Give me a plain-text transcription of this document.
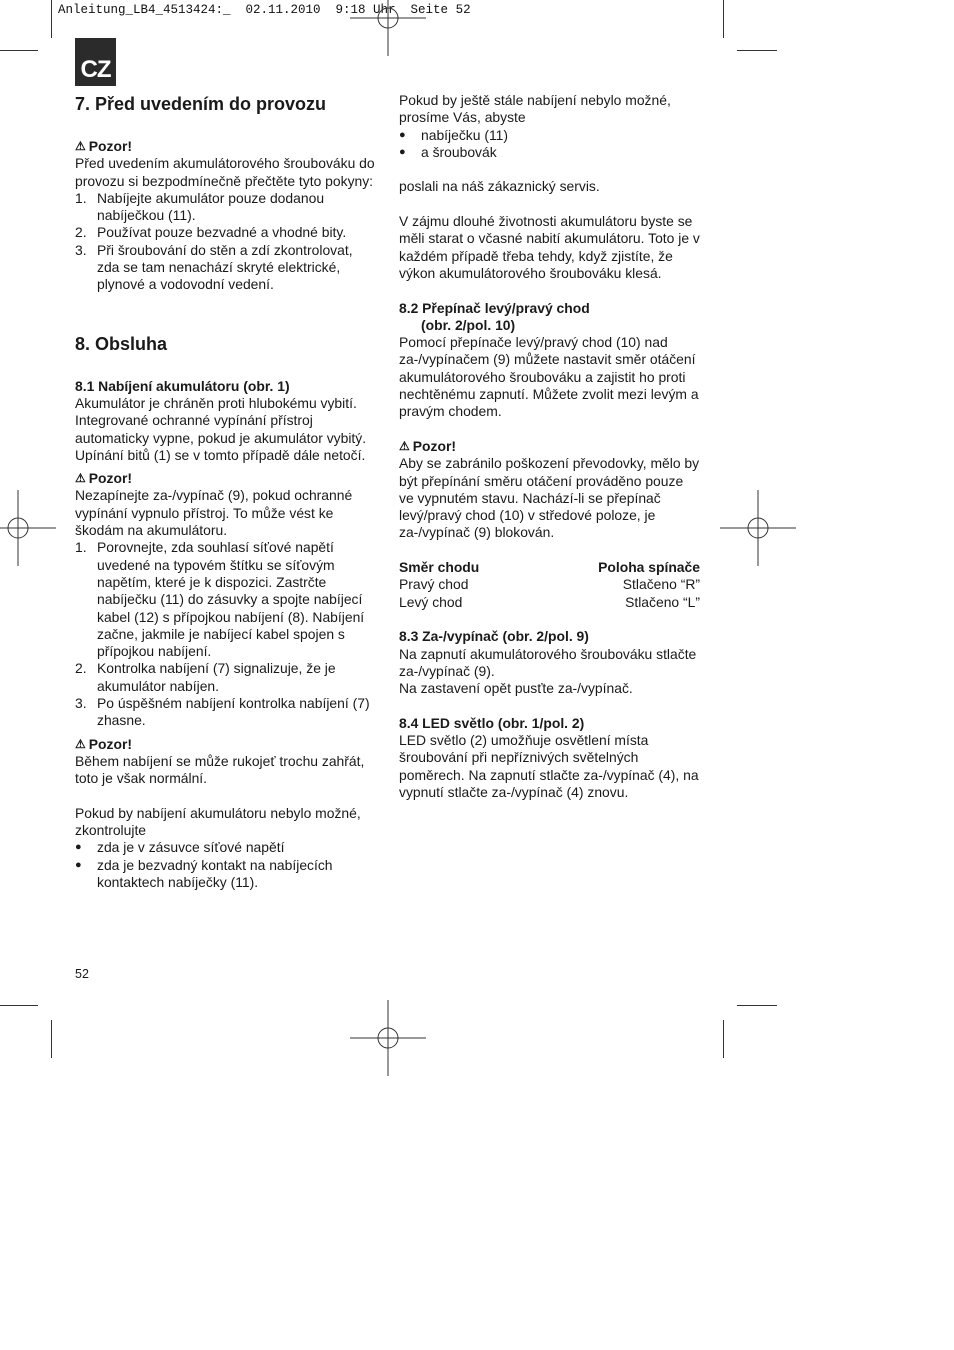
Anleitung_LB4_4513424:_  02.11.2010  9:18 Uhr  Seite 52
CZ
7. Před uvedením do provozu
⚠ Pozor!

Před uvedením akumulátorového šroubováku do provozu si bezpodmínečně přečtěte tyto pokyny:

1. Nabíjejte akumulátor pouze dodanou nabíječkou (11).
2. Používat pouze bezvadné a vhodné bity.
3. Při šroubování do stěn a zdí zkontrolovat, zda se tam nenachází skryté elektrické, plynové a vodovodní vedení.
8. Obsluha
8.1 Nabíjení akumulátoru (obr. 1)

Akumulátor je chráněn proti hlubokému vybití. Integrované ochranné vypínání přístroj automaticky vypne, pokud je akumulátor vybitý. Upínání bitů (1) se v tomto případě dále netočí.

⚠ Pozor!

Nezapínejte za-/vypínač (9), pokud ochranné vypínání vypnulo přístroj. To může vést ke škodám na akumulátoru.

1. Porovnejte, zda souhlasí síťové napětí uvedené na typovém štítku se síťovým napětím, které je k dispozici. Zastrčte nabíječku (11) do zásuvky a spojte nabíjecí kabel (12) s přípojkou nabíjení (8). Nabíjení začne, jakmile je nabíjecí kabel spojen s přípojkou nabíjení.
2. Kontrolka nabíjení (7) signalizuje, že je akumulátor nabíjen.
3. Po úspěšném nabíjení kontrolka nabíjení (7) zhasne.
⚠ Pozor!

Během nabíjení se může rukojeť trochu zahřát, toto je však normální.

Pokud by nabíjení akumulátoru nebylo možné, zkontrolujte

●	zda je v zásuvce síťové napětí
●	zda je bezvadný kontakt na nabíjecích kontaktech nabíječky (11).

Pokud by ještě stále nabíjení nebylo možné, prosíme Vás, abyste

●	nabíječku (11)
●	a šroubovák

poslali na náš zákaznický servis.

V zájmu dlouhé životnosti akumulátoru byste se měli starat o včasné nabití akumulátoru. Toto je v každém případě třeba tehdy, když zjistíte, že výkon akumulátorového šroubováku klesá.

8.2 Přepínač levý/pravý chod
(obr. 2/pol. 10)

Pomocí přepínače levý/pravý chod (10) nad za-/vypínačem (9) můžete nastavit směr otáčení akumulátorového šroubováku a zajistit ho proti nechtěnému zapnutí. Můžete zvolit mezi levým a pravým chodem.

⚠ Pozor!

Aby se zabránilo poškození převodovky, mělo by být přepínání směru otáčení prováděno pouze ve vypnutém stavu. Nachází-li se přepínač levý/pravý chod (10) v středové poloze, je za-/vypínač (9) blokován.

Směr chodu	Poloha spínače
Pravý chod	Stlačeno “R”
Levý chod	Stlačeno “L”
8.3 Za-/vypínač (obr. 2/pol. 9)

Na zapnutí akumulátorového šroubováku stlačte za-/vypínač (9).

Na zastavení opět pusťte za-/vypínač.

8.4 LED světlo (obr. 1/pol. 2)

LED světlo (2) umožňuje osvětlení místa šroubování při nepříznivých světelných poměrech. Na zapnutí stlačte za-/vypínač (4), na vypnutí stlačte za-/vypínač (4) znovu.

52
